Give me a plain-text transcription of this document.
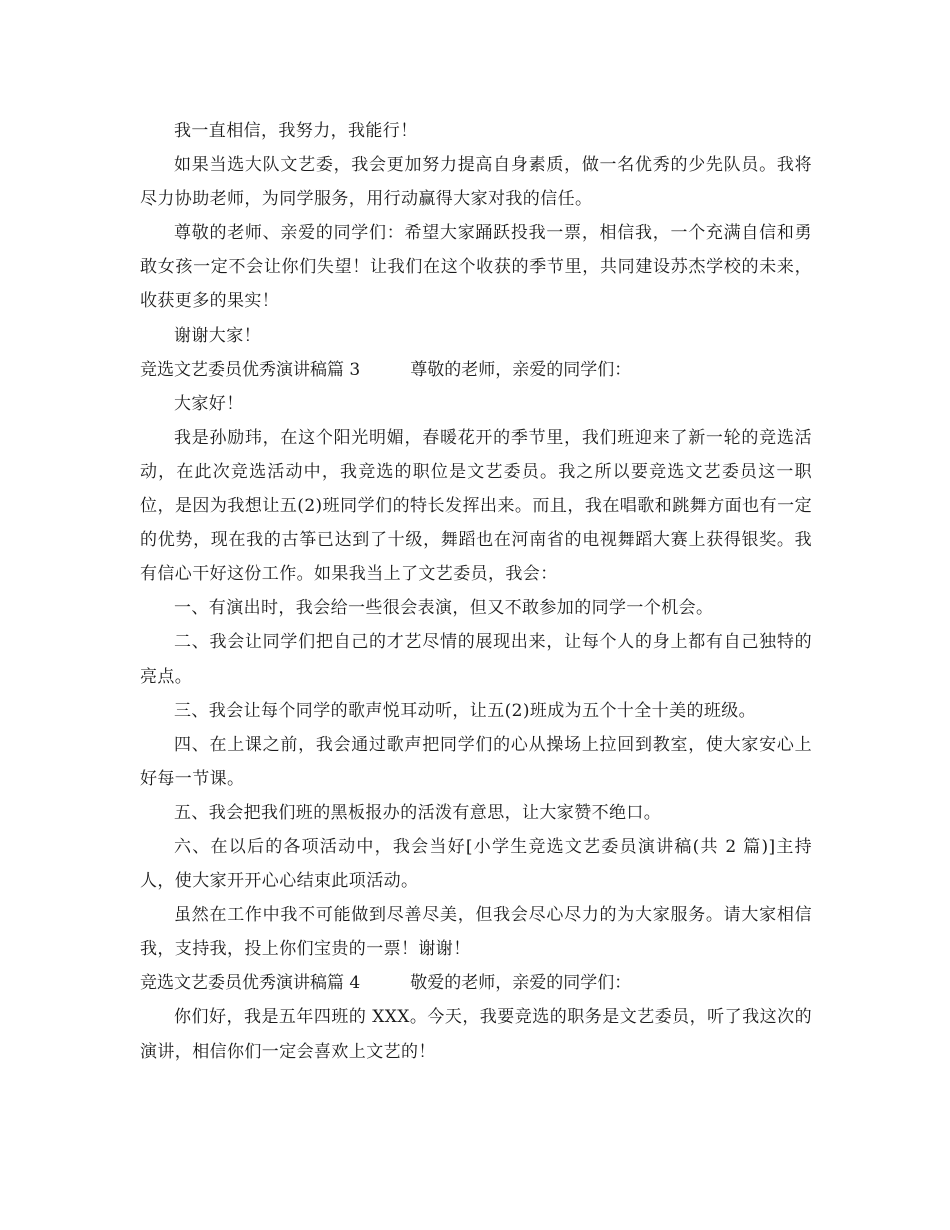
我一直相信，我努力，我能行！

如果当选大队文艺委，我会更加努力提高自身素质，做一名优秀的少先队员。我将尽力协助老师，为同学服务，用行动赢得大家对我的信任。

尊敬的老师、亲爱的同学们：希望大家踊跃投我一票，相信我，一个充满自信和勇敢女孩一定不会让你们失望！让我们在这个收获的季节里，共同建设苏杰学校的未来，收获更多的果实！

谢谢大家！

竞选文艺委员优秀演讲稿篇 3	尊敬的老师，亲爱的同学们：

大家好！

我是孙励玮，在这个阳光明媚，春暖花开的季节里，我们班迎来了新一轮的竞选活动，在此次竞选活动中，我竞选的职位是文艺委员。我之所以要竞选文艺委员这一职位，是因为我想让五(2)班同学们的特长发挥出来。而且，我在唱歌和跳舞方面也有一定的优势，现在我的古筝已达到了十级，舞蹈也在河南省的电视舞蹈大赛上获得银奖。我有信心干好这份工作。如果我当上了文艺委员，我会：

一、有演出时，我会给一些很会表演，但又不敢参加的同学一个机会。

二、我会让同学们把自己的才艺尽情的展现出来，让每个人的身上都有自己独特的亮点。

三、我会让每个同学的歌声悦耳动听，让五(2)班成为五个十全十美的班级。

四、在上课之前，我会通过歌声把同学们的心从操场上拉回到教室，使大家安心上好每一节课。

五、我会把我们班的黑板报办的活泼有意思，让大家赞不绝口。

六、在以后的各项活动中，我会当好[小学生竞选文艺委员演讲稿(共 2 篇)]主持人，使大家开开心心结束此项活动。

虽然在工作中我不可能做到尽善尽美，但我会尽心尽力的为大家服务。请大家相信我，支持我，投上你们宝贵的一票！谢谢！

竞选文艺委员优秀演讲稿篇 4	敬爱的老师，亲爱的同学们：

你们好，我是五年四班的 XXX。今天，我要竞选的职务是文艺委员，听了我这次的演讲，相信你们一定会喜欢上文艺的！
